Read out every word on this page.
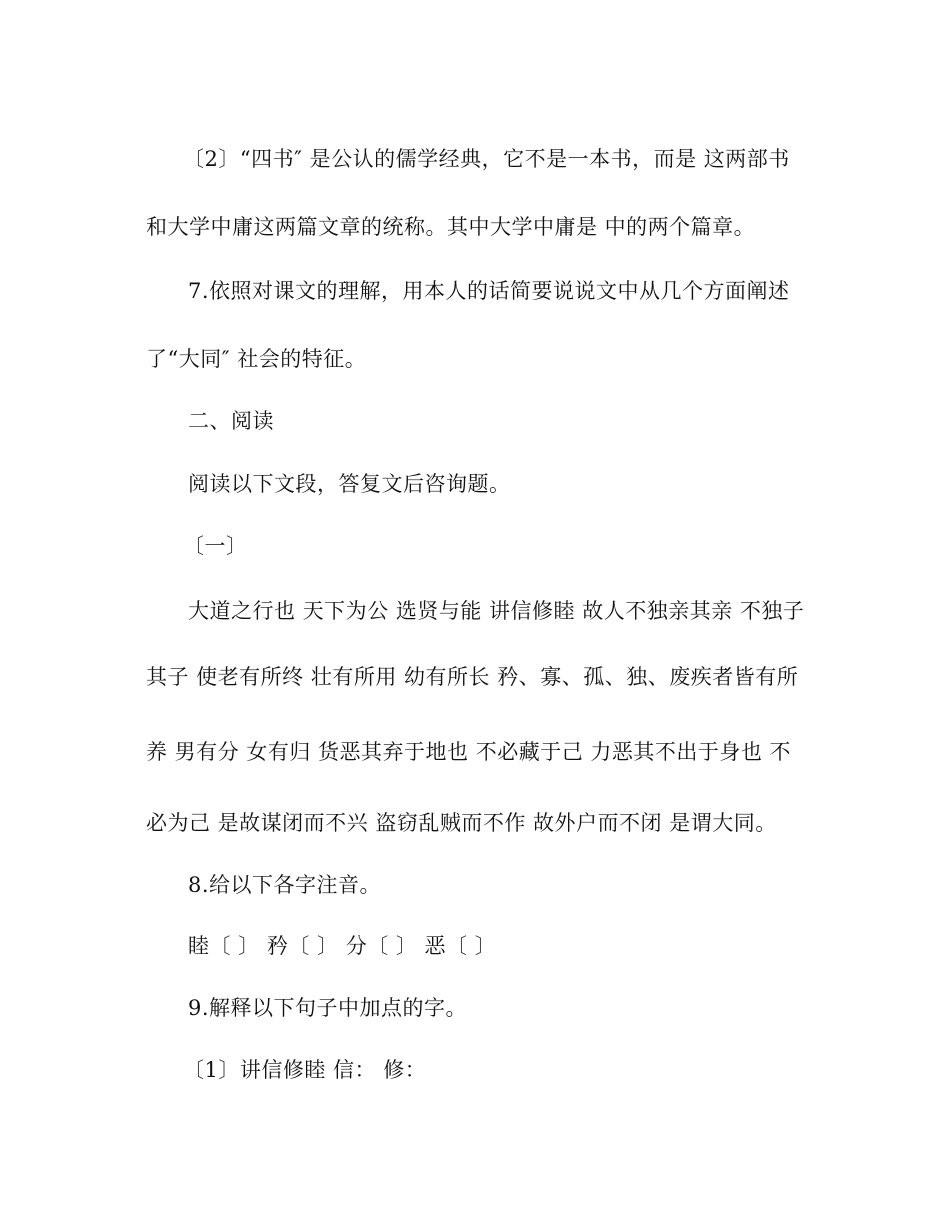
〔2〕“四书″ 是公认的儒学经典，它不是一本书，而是 这两部书
和大学中庸这两篇文章的统称。其中大学中庸是 中的两个篇章。
7.依照对课文的理解，用本人的话简要说说文中从几个方面阐述
了“大同″ 社会的特征。
二、阅读
阅读以下文段，答复文后咨询题。
〔一〕
大道之行也 天下为公 选贤与能 讲信修睦 故人不独亲其亲 不独子
其子 使老有所终 壮有所用 幼有所长 矜、寡、孤、独、废疾者皆有所
养 男有分 女有归 货恶其弃于地也 不必藏于己 力恶其不出于身也 不
必为己 是故谋闭而不兴 盗窃乱贼而不作 故外户而不闭 是谓大同。
8.给以下各字注音。
睦〔 〕 矜〔 〕 分〔 〕 恶〔 〕
9.解释以下句子中加点的字。
〔1〕讲信修睦 信： 修：
